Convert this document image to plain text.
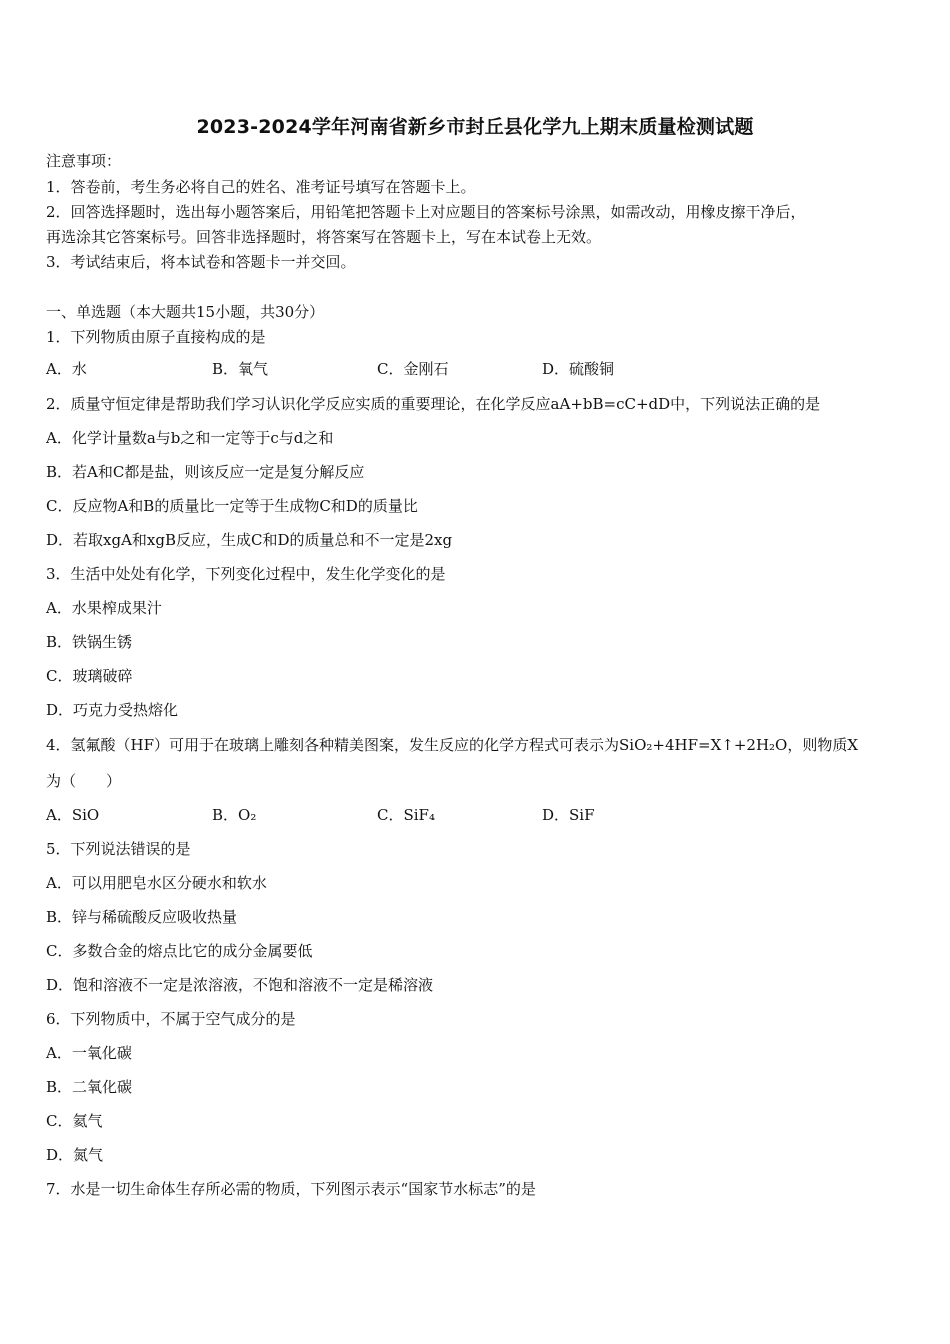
2023-2024学年河南省新乡市封丘县化学九上期末质量检测试题
注意事项：
1．答卷前，考生务必将自己的姓名、准考证号填写在答题卡上。
2．回答选择题时，选出每小题答案后，用铅笔把答题卡上对应题目的答案标号涂黑，如需改动，用橡皮擦干净后，
再选涂其它答案标号。回答非选择题时，将答案写在答题卡上，写在本试卷上无效。
3．考试结束后，将本试卷和答题卡一并交回。
一、单选题（本大题共15小题，共30分）
1．下列物质由原子直接构成的是
A．水	B．氧气	C．金刚石	D．硫酸铜
2．质量守恒定律是帮助我们学习认识化学反应实质的重要理论，在化学反应aA+bB=cC+dD中，下列说法正确的是
A．化学计量数a与b之和一定等于c与d之和
B．若A和C都是盐，则该反应一定是复分解反应
C．反应物A和B的质量比一定等于生成物C和D的质量比
D．若取xgA和xgB反应，生成C和D的质量总和不一定是2xg
3．生活中处处有化学，下列变化过程中，发生化学变化的是
A．水果榨成果汁
B．铁锅生锈
C．玻璃破碎
D．巧克力受热熔化
4．氢氟酸（HF）可用于在玻璃上雕刻各种精美图案，发生反应的化学方程式可表示为SiO₂+4HF=X↑+2H₂O，则物质X
为（　　）
A．SiO	B．O₂	C．SiF₄	D．SiF
5．下列说法错误的是
A．可以用肥皂水区分硬水和软水
B．锌与稀硫酸反应吸收热量
C．多数合金的熔点比它的成分金属要低
D．饱和溶液不一定是浓溶液，不饱和溶液不一定是稀溶液
6．下列物质中，不属于空气成分的是
A．一氧化碳
B．二氧化碳
C．氦气
D．氮气
7．水是一切生命体生存所必需的物质，下列图示表示“国家节水标志”的是
